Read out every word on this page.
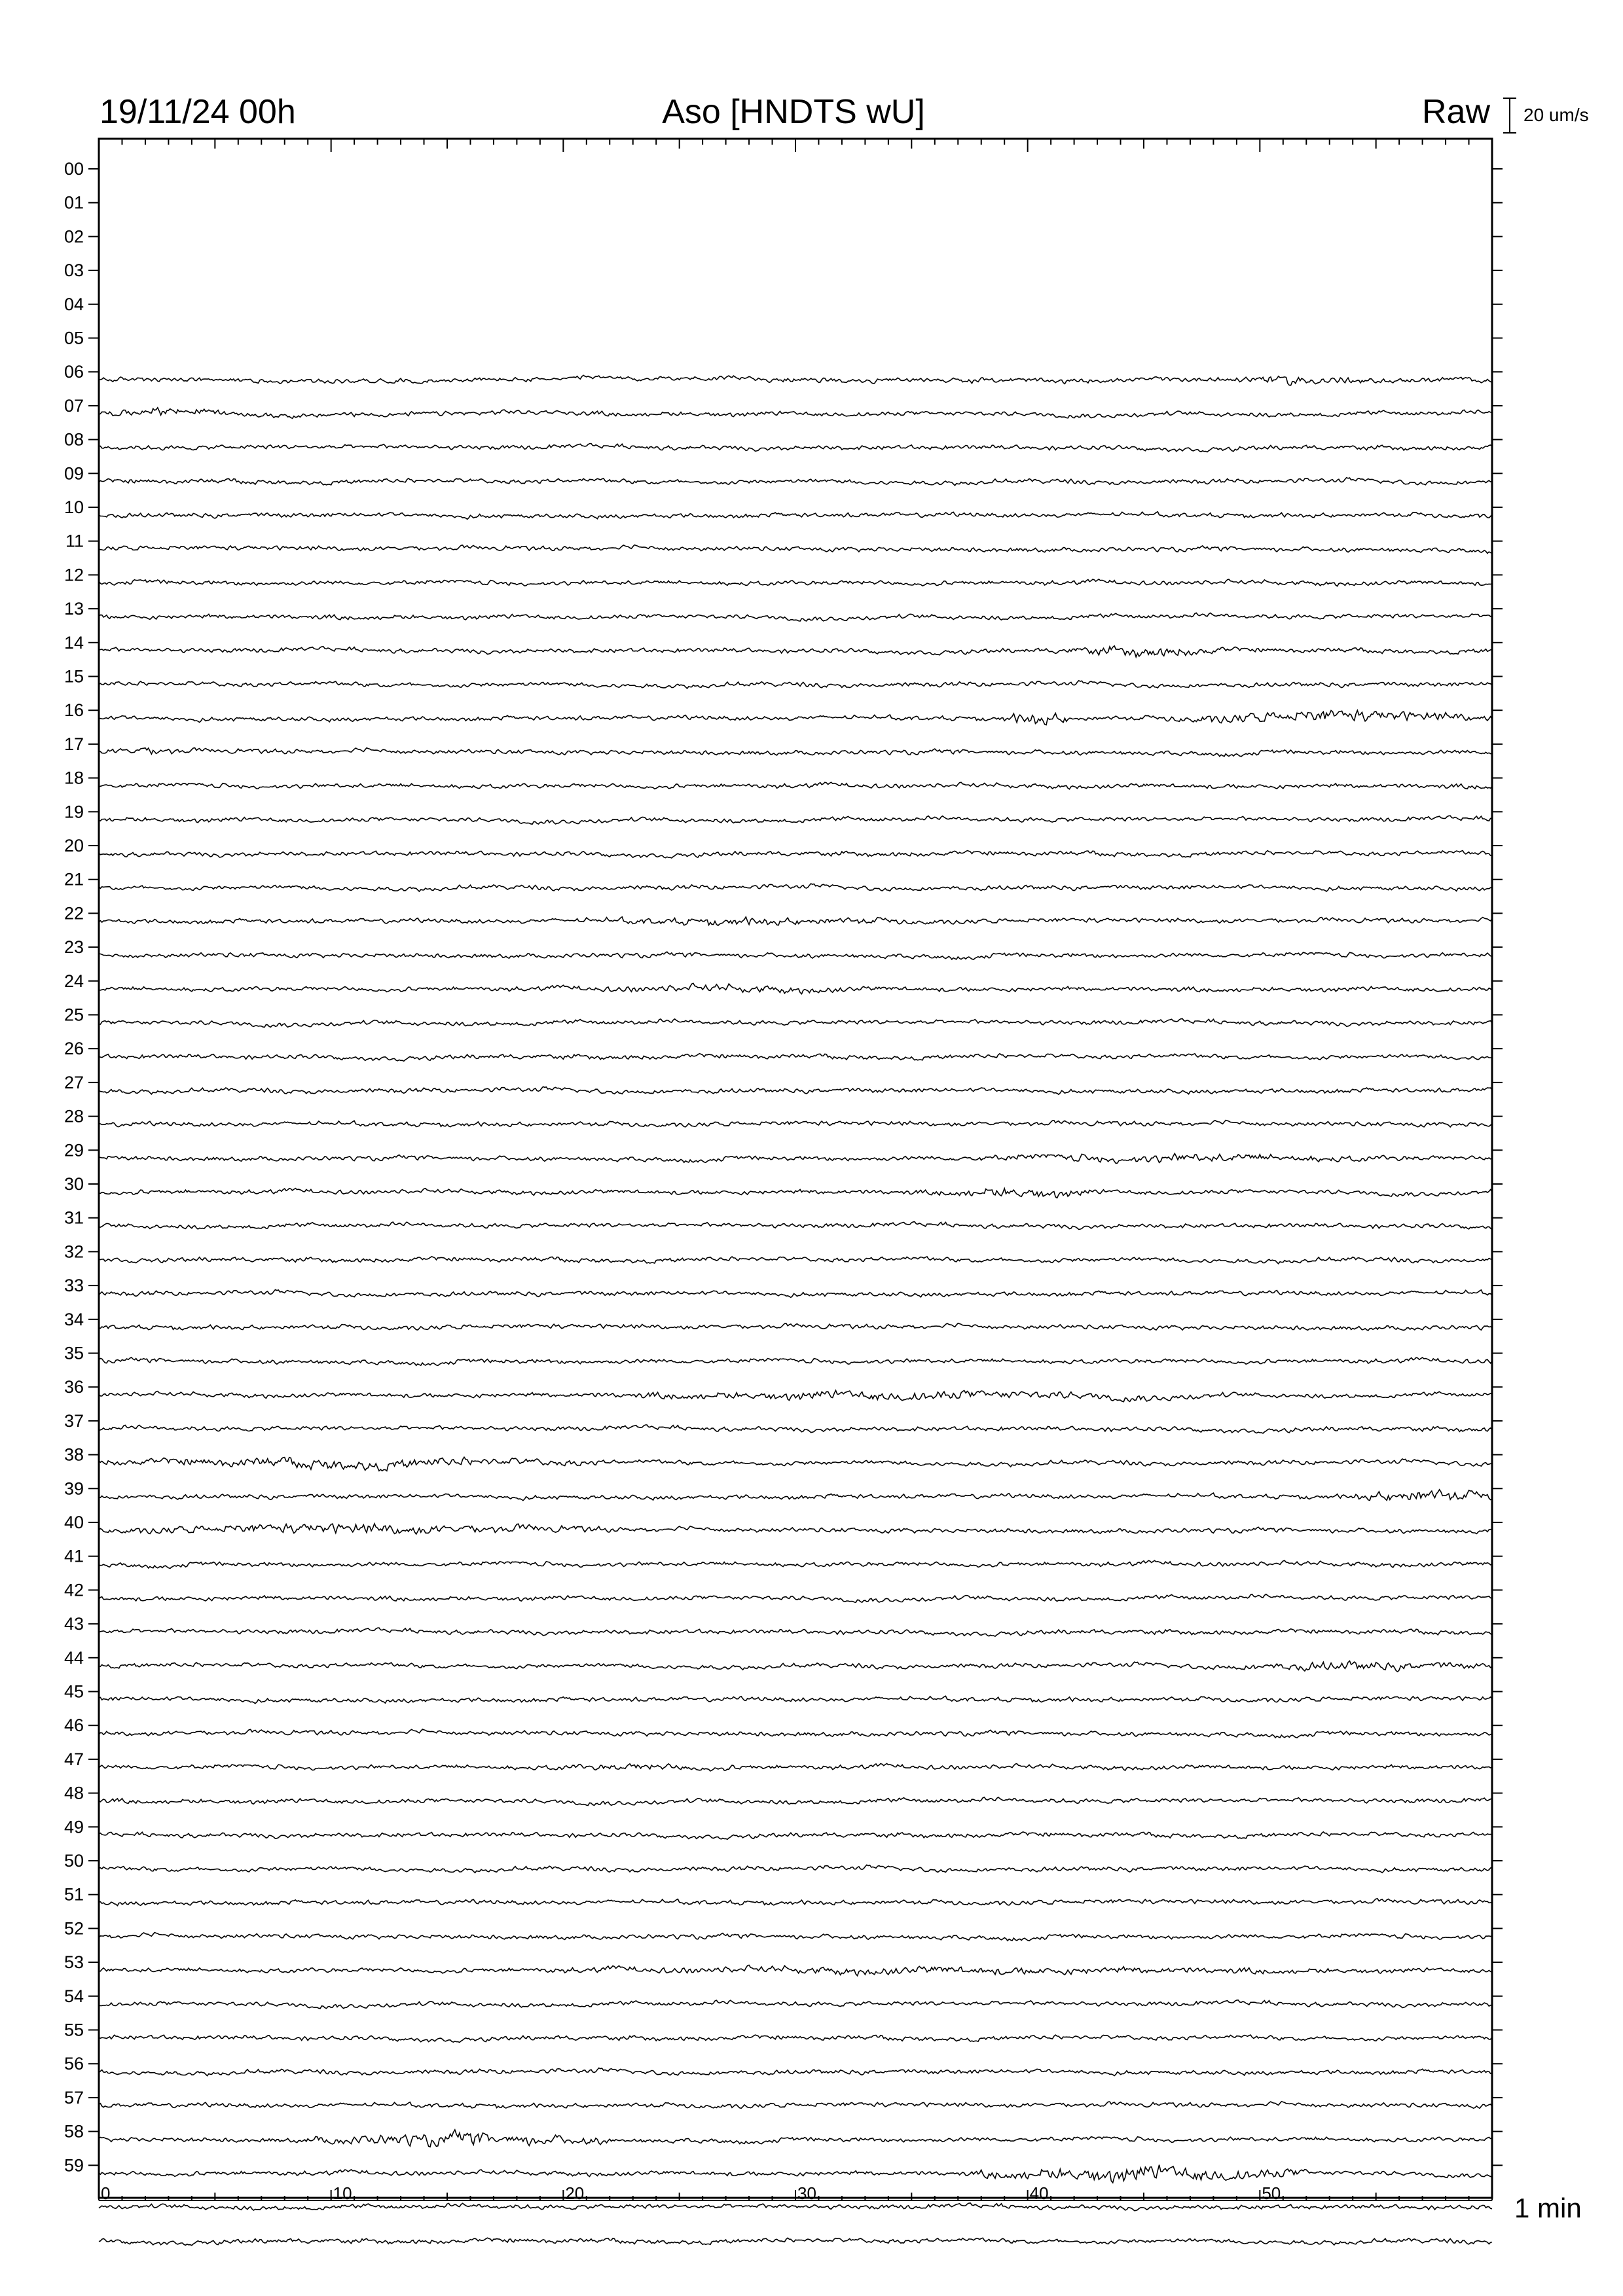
19/11/24 00h	Aso [HNDTS wU]	Raw 20 um/s
00
01
02
03
04
05
06
07
08
09
10
11
12
13
14
15
16
17
18
19
20
21
22
23
24
25
26
27
28
29
30
31
32
33
34
35
36
37
38
39
40
41
42
43
44
45
46
47
48
49
50
51
52
53
54
55
56
57
58
59
0	10	20	30	40	50	1 min
